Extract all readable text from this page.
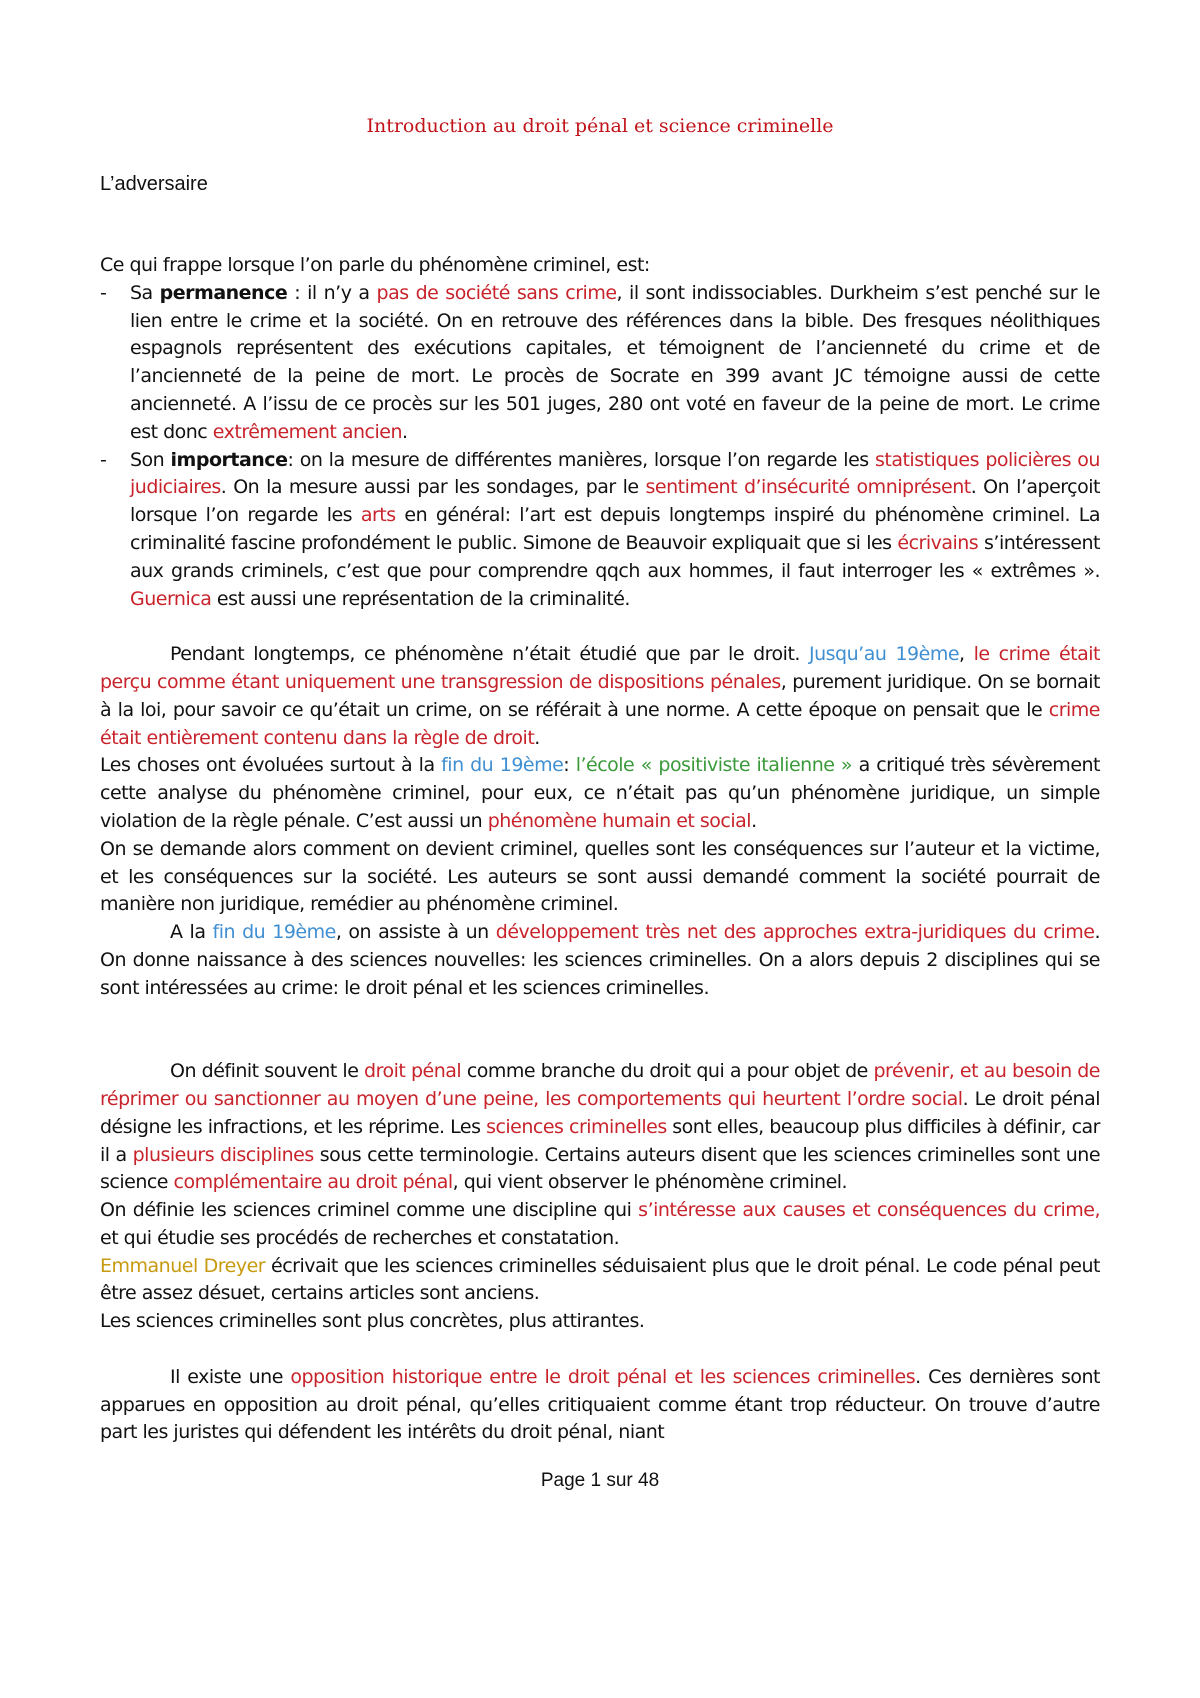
Introduction au droit pénal et science criminelle
L’adversaire

Ce qui frappe lorsque l’on parle du phénomène criminel, est:

- Sa permanence : il n’y a pas de société sans crime, il sont indissociables. Durkheim s’est penché sur le lien entre le crime et la société. On en retrouve des références dans la bible. Des fresques néolithiques espagnols représentent des exécutions capitales, et témoignent de l’ancienneté du crime et de l’ancienneté de la peine de mort. Le procès de Socrate en 399 avant JC témoigne aussi de cette ancienneté. A l’issu de ce procès sur les 501 juges, 280 ont voté en faveur de la peine de mort. Le crime est donc extrêmement ancien.
- Son importance: on la mesure de différentes manières, lorsque l’on regarde les statistiques policières ou judiciaires. On la mesure aussi par les sondages, par le sentiment d’insécurité omniprésent. On l’aperçoit lorsque l’on regarde les arts en général: l’art est depuis longtemps inspiré du phénomène criminel. La criminalité fascine profondément le public. Simone de Beauvoir expliquait que si les écrivains s’intéressent aux grands criminels, c’est que pour comprendre qqch aux hommes, il faut interroger les « extrêmes ». Guernica est aussi une représentation de la criminalité.

Pendant longtemps, ce phénomène n’était étudié que par le droit. Jusqu’au 19ème, le crime était perçu comme étant uniquement une transgression de dispositions pénales, purement juridique. On se bornait à la loi, pour savoir ce qu’était un crime, on se référait à une norme. A cette époque on pensait que le crime était entièrement contenu dans la règle de droit.

Les choses ont évoluées surtout à la fin du 19ème: l’école « positiviste italienne » a critiqué très sévèrement cette analyse du phénomène criminel, pour eux, ce n’était pas qu’un phénomène juridique, un simple violation de la règle pénale. C’est aussi un phénomène humain et social.

On se demande alors comment on devient criminel, quelles sont les conséquences sur l’auteur et la victime, et les conséquences sur la société. Les auteurs se sont aussi demandé comment la société pourrait de manière non juridique, remédier au phénomène criminel.

A la fin du 19ème, on assiste à un développement très net des approches extra-juridiques du crime. On donne naissance à des sciences nouvelles: les sciences criminelles. On a alors depuis 2 disciplines qui se sont intéressées au crime: le droit pénal et les sciences criminelles.

On définit souvent le droit pénal comme branche du droit qui a pour objet de prévenir, et au besoin de réprimer ou sanctionner au moyen d’une peine, les comportements qui heurtent l’ordre social. Le droit pénal désigne les infractions, et les réprime. Les sciences criminelles sont elles, beaucoup plus difficiles à définir, car il a plusieurs disciplines sous cette terminologie. Certains auteurs disent que les sciences criminelles sont une science complémentaire au droit pénal, qui vient observer le phénomène criminel.

On définie les sciences criminel comme une discipline qui s’intéresse aux causes et conséquences du crime, et qui étudie ses procédés de recherches et constatation.

Emmanuel Dreyer écrivait que les sciences criminelles séduisaient plus que le droit pénal. Le code pénal peut être assez désuet, certains articles sont anciens.

Les sciences criminelles sont plus concrètes, plus attirantes.

Il existe une opposition historique entre le droit pénal et les sciences criminelles. Ces dernières sont apparues en opposition au droit pénal, qu’elles critiquaient comme étant trop réducteur. On trouve d’autre part les juristes qui défendent les intérêts du droit pénal, niant

Page 1 sur 48
